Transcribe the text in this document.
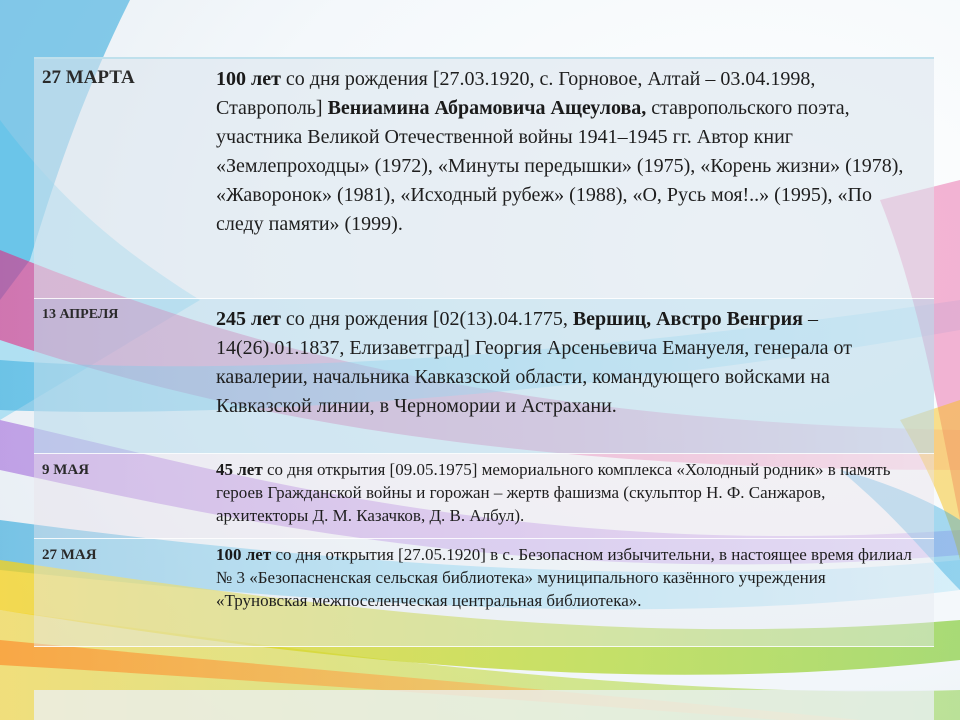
27 МАРТА	100 лет со дня рождения [27.03.1920, с. Горновое, Алтай – 03.04.1998, Ставрополь] Вениамина Абрамовича Ащеулова, ставропольского поэта, участника Великой Отечественной войны 1941–1945 гг. Автор книг «Землепроходцы» (1972), «Минуты передышки» (1975), «Корень жизни» (1978), «Жаворонок» (1981), «Исходный рубеж» (1988), «О, Русь моя!..» (1995), «По следу памяти» (1999).
13 АПРЕЛЯ	245 лет со дня рождения [02(13).04.1775, Вершиц, Австро Венгрия – 14(26).01.1837, Елизаветград] Георгия Арсеньевича Емануеля, генерала от кавалерии, начальника Кавказской области, командующего войсками на Кавказской линии, в Черномории и Астрахани.
9 МАЯ	45 лет со дня открытия [09.05.1975] мемориального комплекса «Холодный родник» в память героев Гражданской войны и горожан – жертв фашизма (скульптор Н. Ф. Санжаров, архитекторы Д. М. Казачков, Д. В. Албул).
27 МАЯ	100 лет со дня открытия [27.05.1920] в с. Безопасном избычительни, в настоящее время филиал № 3 «Безопасненская сельская библиотека» муниципального казённого учреждения «Труновская межпоселенческая центральная библиотека».
